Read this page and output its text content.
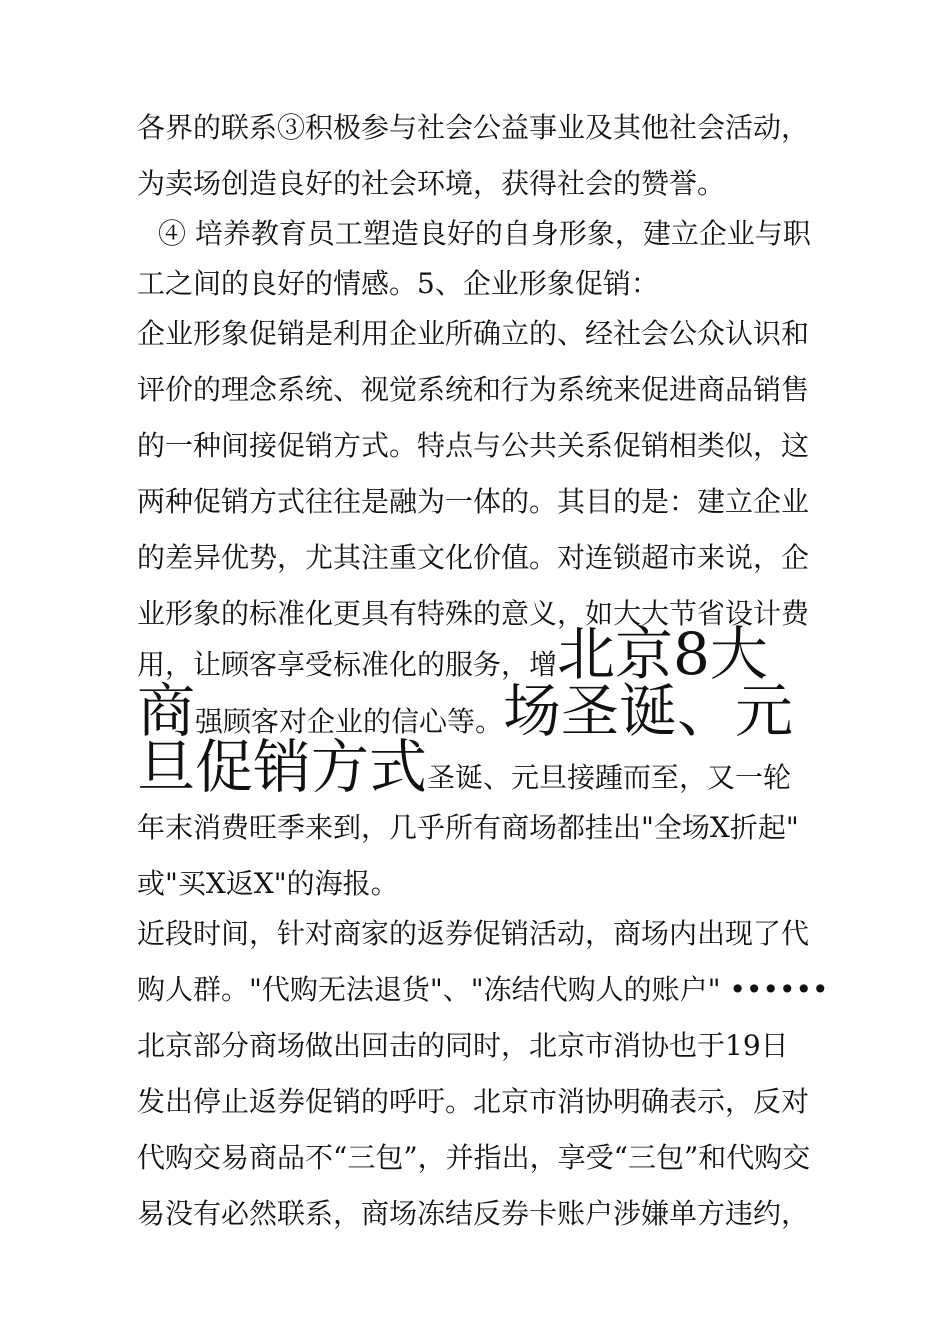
各界的联系③积极参与社会公益事业及其他社会活动，
为卖场创造良好的社会环境，获得社会的赞誉。

④ 培养教育员工塑造良好的自身形象，建立企业与职

工之间的良好的情感。5、企业形象促销：

企业形象促销是利用企业所确立的、经社会公众认识和
评价的理念系统、视觉系统和行为系统来促进商品销售
的一种间接促销方式。特点与公共关系促销相类似，这
两种促销方式往往是融为一体的。其目的是：建立企业
的差异优势，尤其注重文化价值。对连锁超市来说，企
业形象的标准化更具有特殊的意义，如大大节省设计费

用，让顾客享受标准化的服务，增北京8大
商强顾客对企业的信心等。场圣诞、元
旦促销方式圣诞、元旦接踵而至，又一轮

年末消费旺季来到，几乎所有商场都挂出"全场X折起"
或"买X返X"的海报。

近段时间，针对商家的返券促销活动，商场内出现了代
购人群。"代购无法退货"、"冻结代购人的账户" ••••••
北京部分商场做出回击的同时，北京市消协也于19日
发出停止返券促销的呼吁。北京市消协明确表示，反对
代购交易商品不“三包”，并指出，享受“三包”和代购交
易没有必然联系，商场冻结反券卡账户涉嫌单方违约，
